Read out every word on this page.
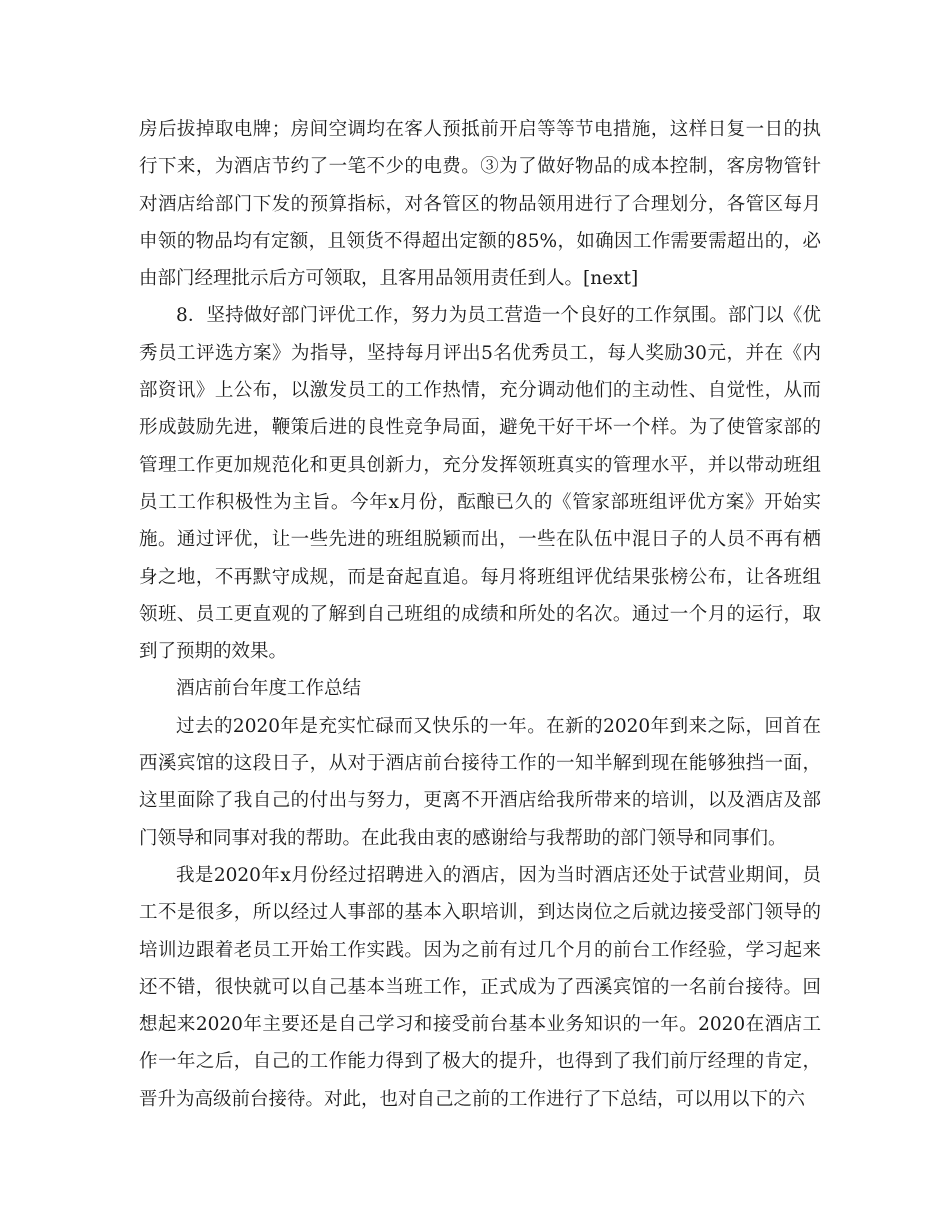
房后拔掉取电牌；房间空调均在客人预抵前开启等等节电措施，这样日复一日的执行下来，为酒店节约了一笔不少的电费。③为了做好物品的成本控制，客房物管针对酒店给部门下发的预算指标，对各管区的物品领用进行了合理划分，各管区每月申领的物品均有定额，且领货不得超出定额的85%，如确因工作需要需超出的，必由部门经理批示后方可领取，且客用品领用责任到人。[next]

8．坚持做好部门评优工作，努力为员工营造一个良好的工作氛围。部门以《优秀员工评选方案》为指导，坚持每月评出5名优秀员工，每人奖励30元，并在《内部资讯》上公布，以激发员工的工作热情，充分调动他们的主动性、自觉性，从而形成鼓励先进，鞭策后进的良性竞争局面，避免干好干坏一个样。为了使管家部的管理工作更加规范化和更具创新力，充分发挥领班真实的管理水平，并以带动班组员工工作积极性为主旨。今年x月份，酝酿已久的《管家部班组评优方案》开始实施。通过评优，让一些先进的班组脱颖而出，一些在队伍中混日子的人员不再有栖身之地，不再默守成规，而是奋起直追。每月将班组评优结果张榜公布，让各班组领班、员工更直观的了解到自己班组的成绩和所处的名次。通过一个月的运行，取到了预期的效果。

酒店前台年度工作总结

过去的2020年是充实忙碌而又快乐的一年。在新的2020年到来之际，回首在西溪宾馆的这段日子，从对于酒店前台接待工作的一知半解到现在能够独挡一面，这里面除了我自己的付出与努力，更离不开酒店给我所带来的培训，以及酒店及部门领导和同事对我的帮助。在此我由衷的感谢给与我帮助的部门领导和同事们。

我是2020年x月份经过招聘进入的酒店，因为当时酒店还处于试营业期间，员工不是很多，所以经过人事部的基本入职培训，到达岗位之后就边接受部门领导的培训边跟着老员工开始工作实践。因为之前有过几个月的前台工作经验，学习起来还不错，很快就可以自己基本当班工作，正式成为了西溪宾馆的一名前台接待。回想起来2020年主要还是自己学习和接受前台基本业务知识的一年。2020在酒店工作一年之后，自己的工作能力得到了极大的提升，也得到了我们前厅经理的肯定，晋升为高级前台接待。对此，也对自己之前的工作进行了下总结，可以用以下的六
